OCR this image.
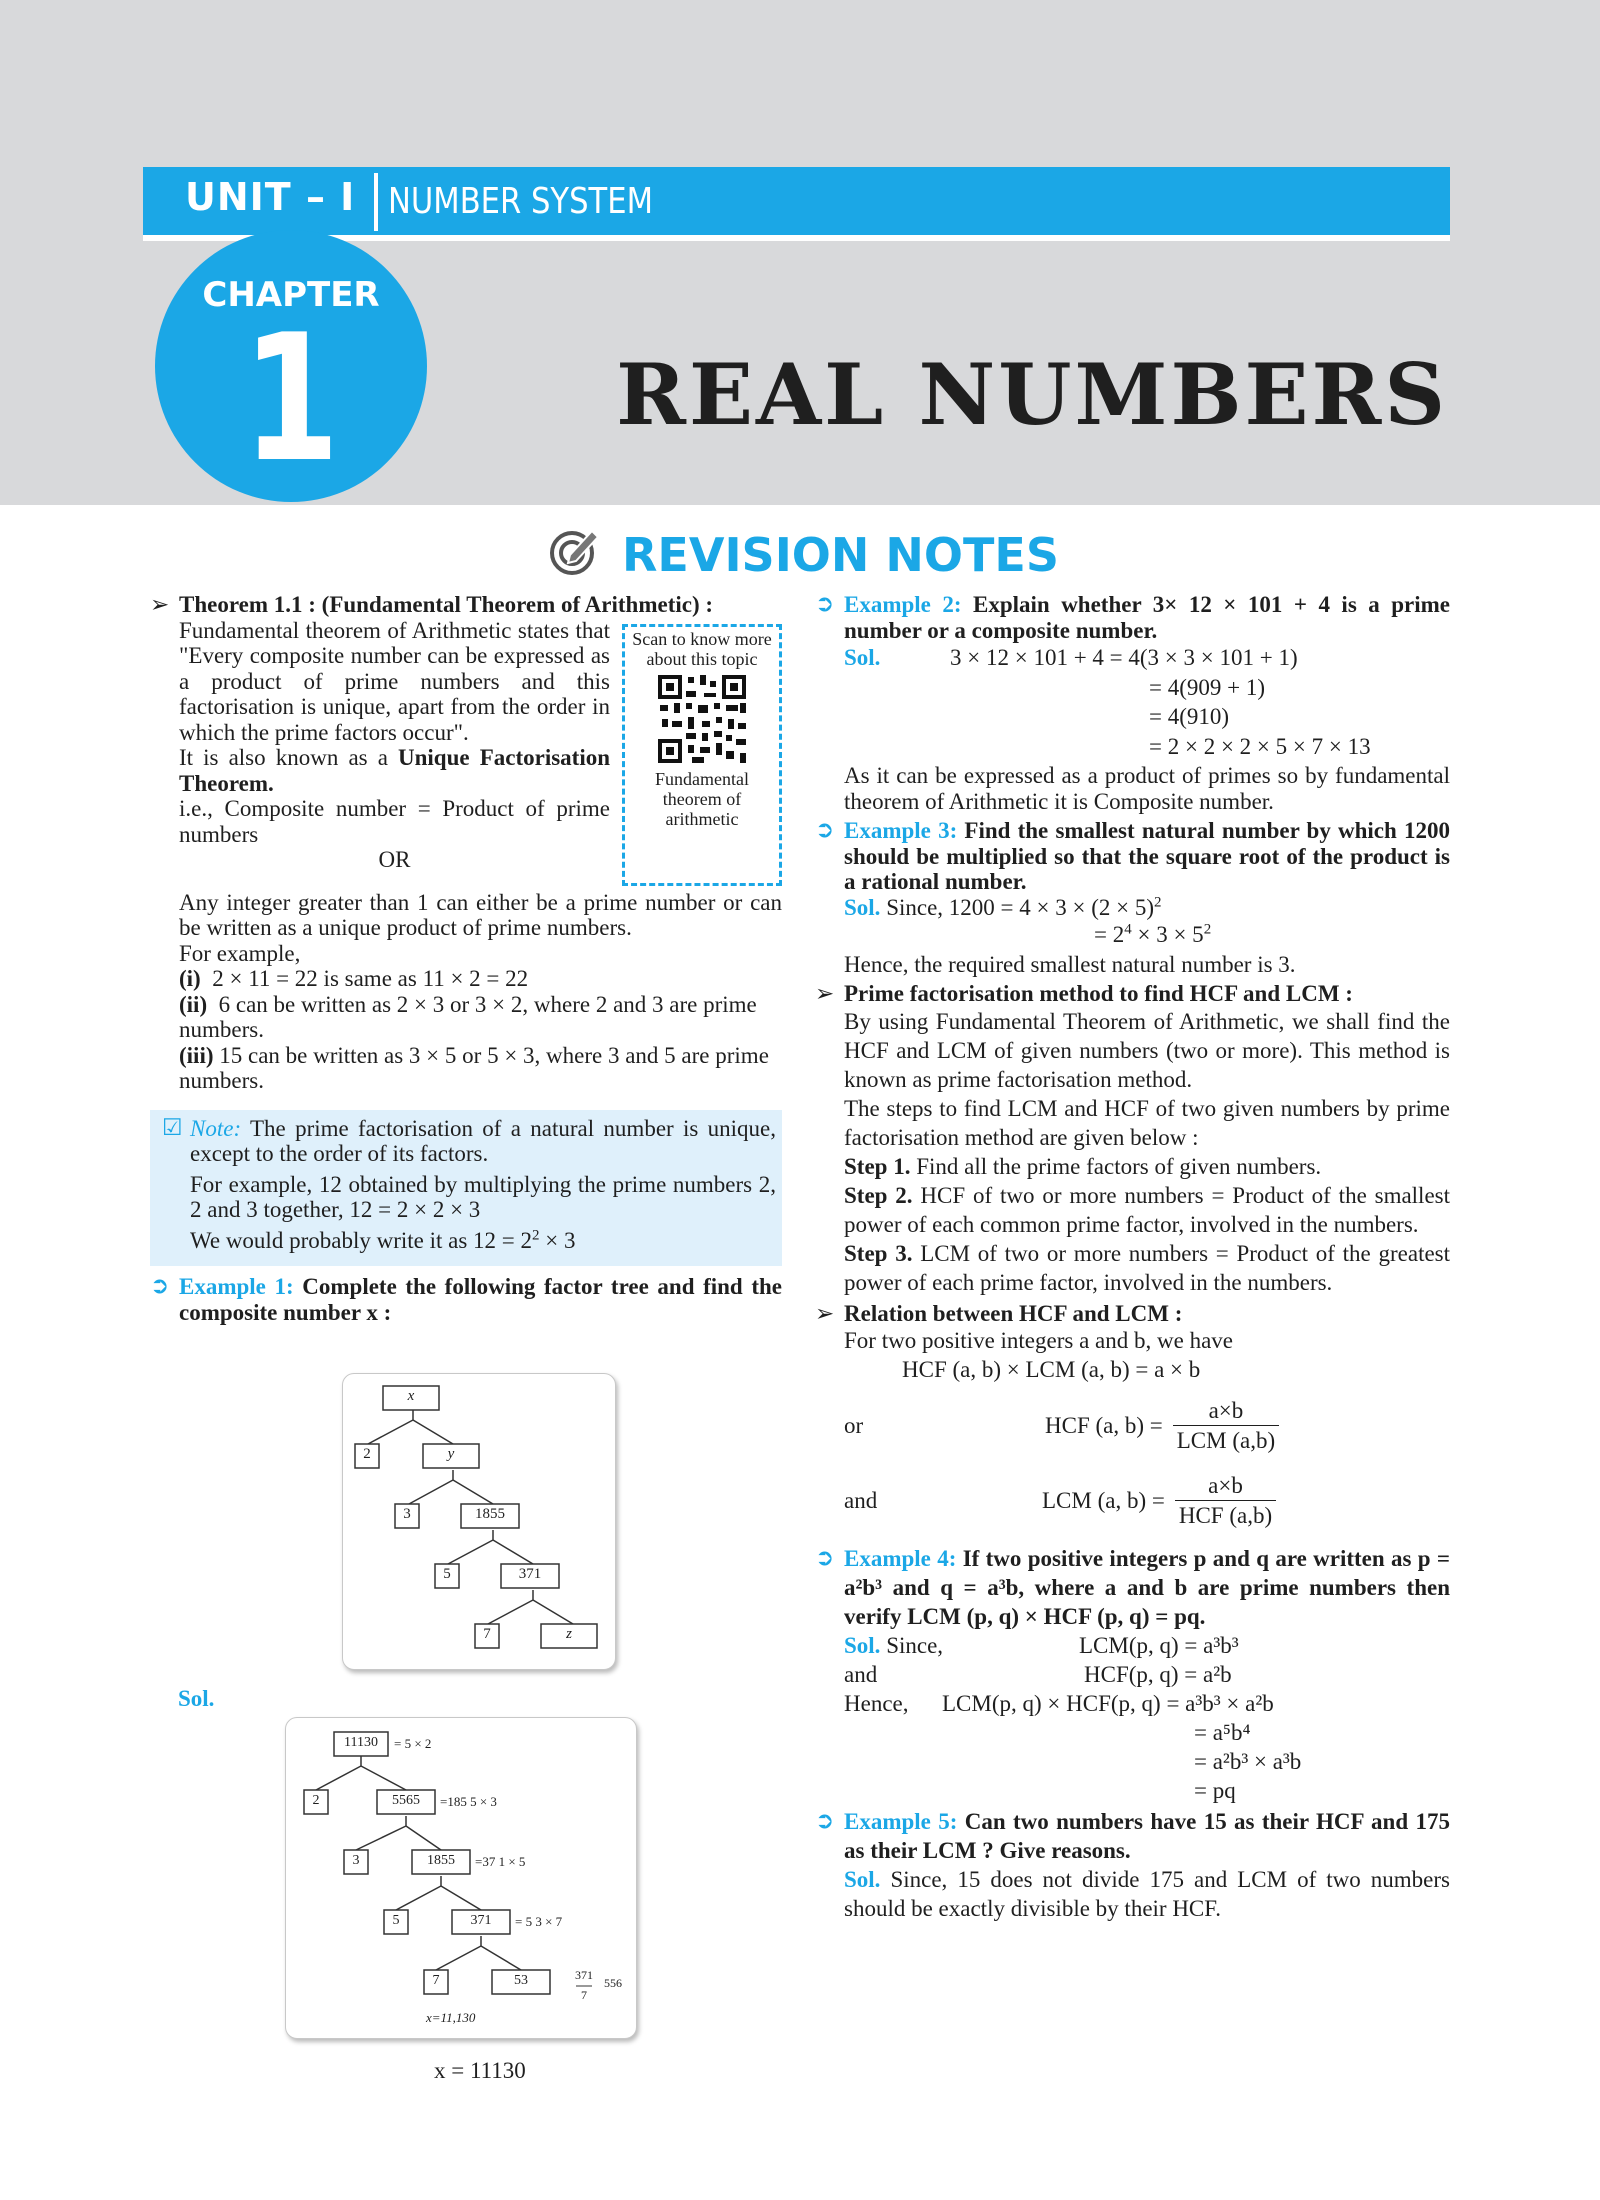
UNIT – I NUMBER SYSTEM
CHAPTER
1	REAL NUMBERS
REVISION NOTES

➢ Theorem 1.1 : (Fundamental Theorem of Arithmetic) :

Scan to know more about this topic
Fundamental theorem of arithmetic

Fundamental theorem of Arithmetic states that "Every composite number can be expressed as a product of prime numbers and this factorisation is unique, apart from the order in which the prime factors occur".

It is also known as a Unique Factorisation Theorem.

i.e., Composite number = Product of prime numbers

OR

Any integer greater than 1 can either be a prime number or can be written as a unique product of prime numbers.

For example,

(i) 2 × 11 = 22 is same as 11 × 2 = 22

(ii) 6 can be written as 2 × 3 or 3 × 2, where 2 and 3 are prime numbers.

(iii) 15 can be written as 3 × 5 or 5 × 3, where 3 and 5 are prime numbers.

☑ Note: The prime factorisation of a natural number is unique, except to the order of its factors.

For example, 12 obtained by multiplying the prime numbers 2, 2 and 3 together, 12 = 2 × 2 × 3

We would probably write it as $12 = 2^2 \times 3$

➲ Example 1: Complete the following factor tree and find the composite number x :

x
2	y
3	1855
5	371
7	z
Sol.
11130	= 5 × 2
2	5565	=185 5 × 3
3	1855	=37 1 × 5
5	371	= 5 3 × 7
7	53	371
7
556
x=11,130
x = 11130

➲ Example 2: Explain whether 3× 12 × 101 + 4 is a prime number or a composite number.

Sol.	3 × 12 × 101 + 4 = 4(3 × 3 × 101 + 1)

= 4(909 + 1)

= 4(910)

= 2 × 2 × 2 × 5 × 7 × 13

As it can be expressed as a product of primes so by fundamental theorem of Arithmetic it is Composite number.

➲ Example 3: Find the smallest natural number by which 1200 should be multiplied so that the square root of the product is a rational number.

Sol. Since, $1200 = 4 \times 3 \times (2 \times 5)^2$

= $2^4 \times 3 \times 5^2$

Hence, the required smallest natural number is 3.

➢ Prime factorisation method to find HCF and LCM :

By using Fundamental Theorem of Arithmetic, we shall find the HCF and LCM of given numbers (two or more). This method is known as prime factorisation method.

The steps to find LCM and HCF of two given numbers by prime factorisation method are given below :

Step 1. Find all the prime factors of given numbers.

Step 2. HCF of two or more numbers = Product of the smallest power of each common prime factor, involved in the numbers.

Step 3. LCM of two or more numbers = Product of the greatest power of each prime factor, involved in the numbers.

➢ Relation between HCF and LCM :

For two positive integers a and b, we have

HCF (a, b) × LCM (a, b) = a × b

or	HCF (a, $b) = \frac{a\times b}{\text{LCM (a,b)}}$
and	LCM (a, $b) = \frac{a\times b}{\text{HCF (a,b)}}$

➲ Example 4: If two positive integers p and q are written as p = a²b³ and q = a³b, where a and b are prime numbers then verify LCM (p, q) × HCF (p, q) = pq.

Sol. Since,	LCM(p, q) = a³b³
and	HCF(p, q) = a²b
Hence,	LCM(p, q) × HCF(p, q) = a³b³ × a²b

= a⁵b⁴

= a²b³ × a³b

= pq

➲ Example 5: Can two numbers have 15 as their HCF and 175 as their LCM ? Give reasons.

Sol. Since, 15 does not divide 175 and LCM of two numbers should be exactly divisible by their HCF.
